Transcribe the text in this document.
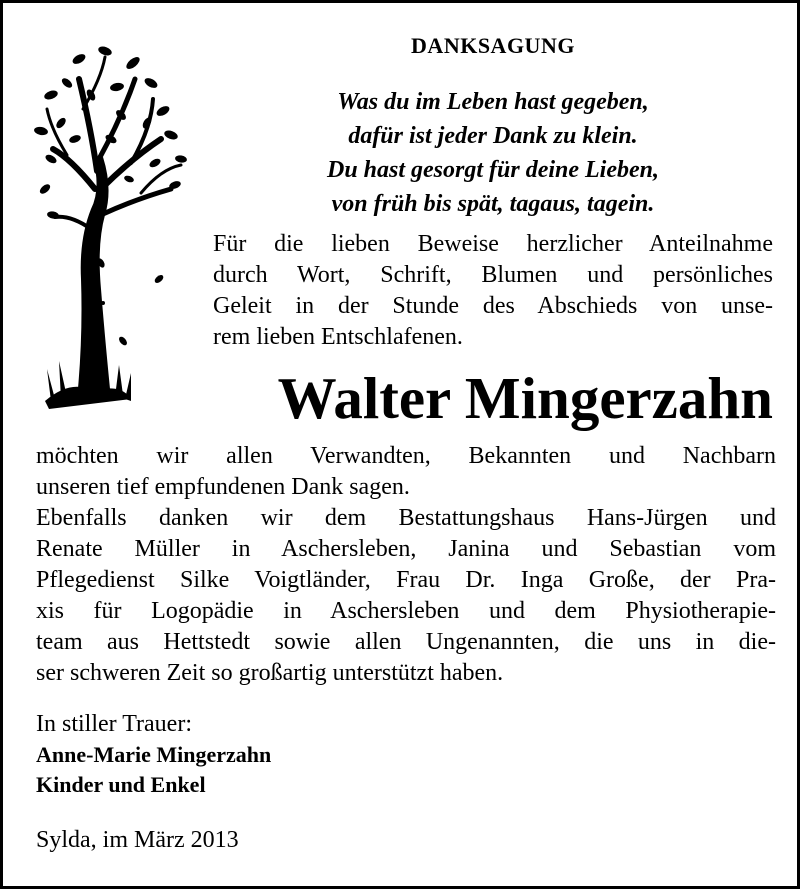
DANKSAGUNG
Was du im Leben hast gegeben,
dafür ist jeder Dank zu klein.
Du hast gesorgt für deine Lieben,
von früh bis spät, tagaus, tagein.
Für die lieben Beweise herzlicher Anteilnahme
durch Wort, Schrift, Blumen und persönliches
Geleit in der Stunde des Abschieds von unse-
rem lieben Entschlafenen.
Walter Mingerzahn
möchten wir allen Verwandten, Bekannten und Nachbarn
unseren tief empfundenen Dank sagen.
Ebenfalls danken wir dem Bestattungshaus Hans-Jürgen und
Renate Müller in Aschersleben, Janina und Sebastian vom
Pflegedienst Silke Voigtländer, Frau Dr. Inga Große, der Pra-
xis für Logopädie in Aschersleben und dem Physiotherapie-
team aus Hettstedt sowie allen Ungenannten, die uns in die-
ser schweren Zeit so großartig unterstützt haben.
In stiller Trauer:
Anne-Marie Mingerzahn
Kinder und Enkel
Sylda, im März 2013
